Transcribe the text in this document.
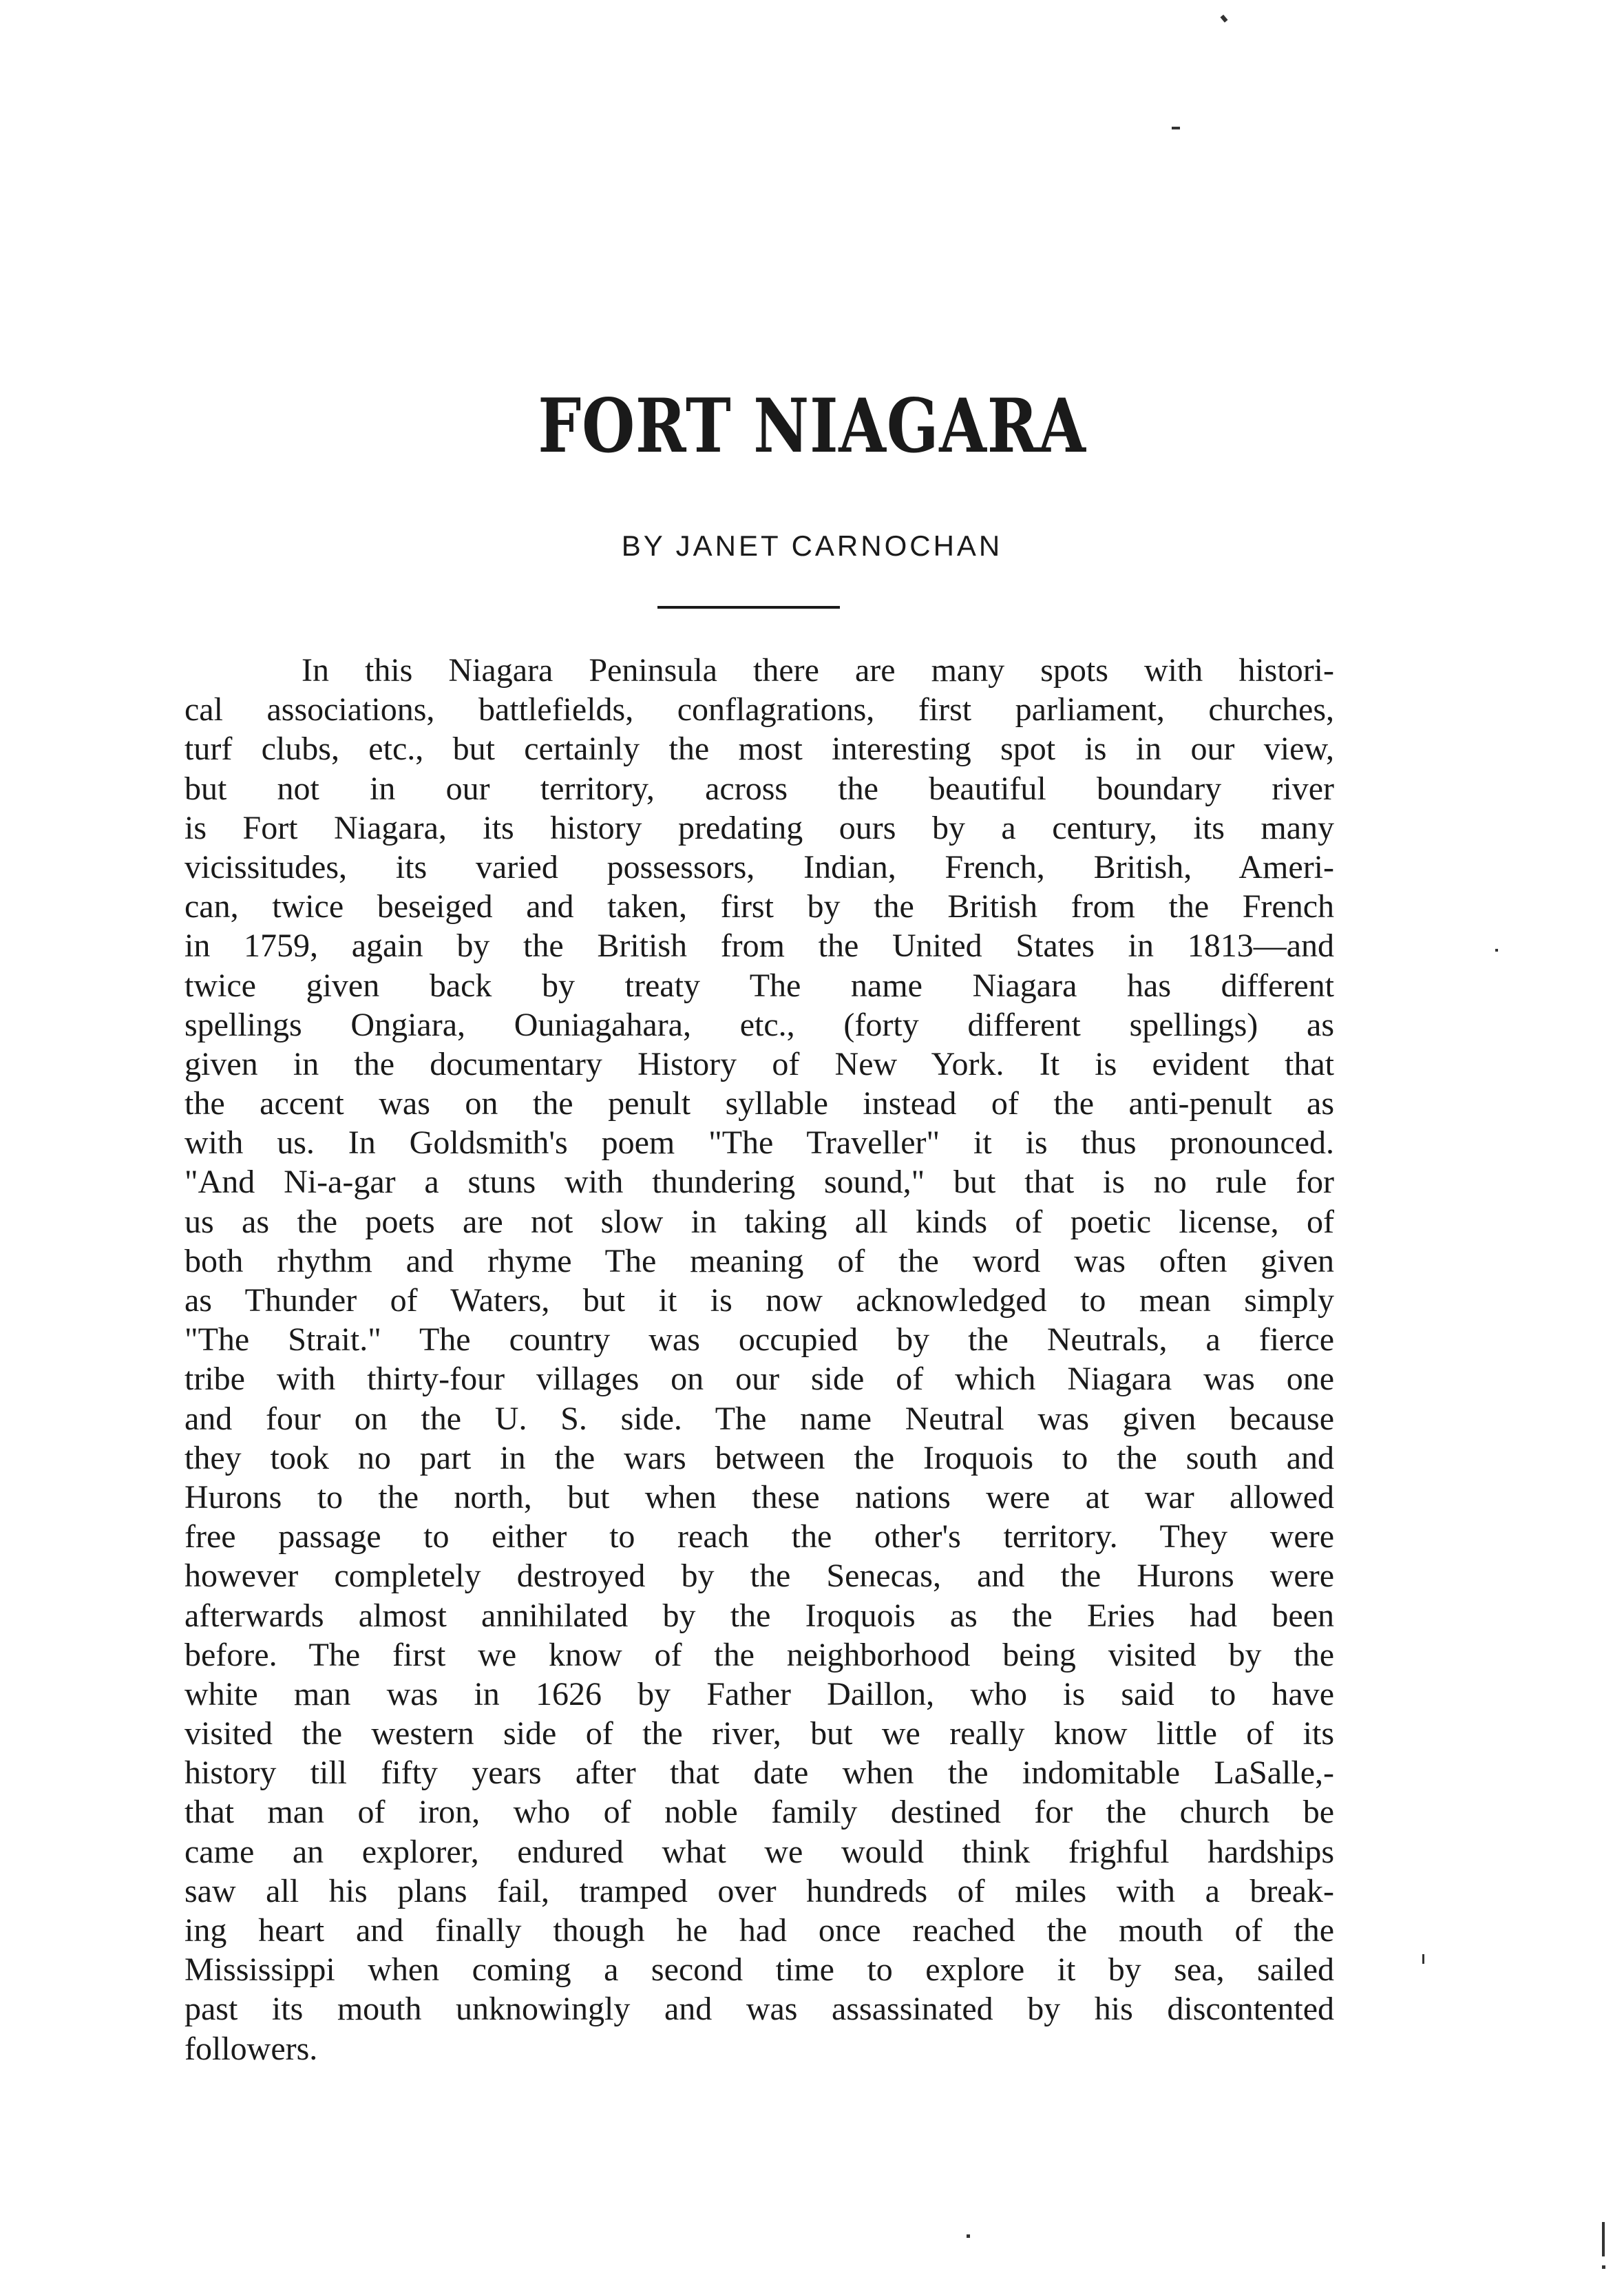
FORT NIAGARA

BY JANET CARNOCHAN

In this Niagara Peninsula there are many spots with histori-
cal associations, battlefields, conflagrations, first parliament, churches,
turf clubs, etc., but certainly the most interesting spot is in our view,
but not in our territory, across the beautiful boundary river
is Fort Niagara, its history predating ours by a century, its many
vicissitudes, its varied possessors, Indian, French, British, Ameri-
can, twice beseiged and taken, first by the British from the French
in 1759, again by the British from the United States in 1813—and
twice given back by treaty The name Niagara has different
spellings Ongiara, Ouniagahara, etc., (forty different spellings) as
given in the documentary History of New York. It is evident that
the accent was on the penult syllable instead of the anti-penult as
with us. In Goldsmith's poem "The Traveller" it is thus pronounced.
"And Ni-a-gar a stuns with thundering sound," but that is no rule for
us as the poets are not slow in taking all kinds of poetic license, of
both rhythm and rhyme The meaning of the word was often given
as Thunder of Waters, but it is now acknowledged to mean simply
"The Strait." The country was occupied by the Neutrals, a fierce
tribe with thirty-four villages on our side of which Niagara was one
and four on the U. S. side. The name Neutral was given because
they took no part in the wars between the Iroquois to the south and
Hurons to the north, but when these nations were at war allowed
free passage to either to reach the other's territory. They were
however completely destroyed by the Senecas, and the Hurons were
afterwards almost annihilated by the Iroquois as the Eries had been
before. The first we know of the neighborhood being visited by the
white man was in 1626 by Father Daillon, who is said to have
visited the western side of the river, but we really know little of its
history till fifty years after that date when the indomitable LaSalle,-
that man of iron, who of noble family destined for the church be
came an explorer, endured what we would think frighful hardships
saw all his plans fail, tramped over hundreds of miles with a break-
ing heart and finally though he had once reached the mouth of the
Mississippi when coming a second time to explore it by sea, sailed
past its mouth unknowingly and was assassinated by his discontented
followers.
